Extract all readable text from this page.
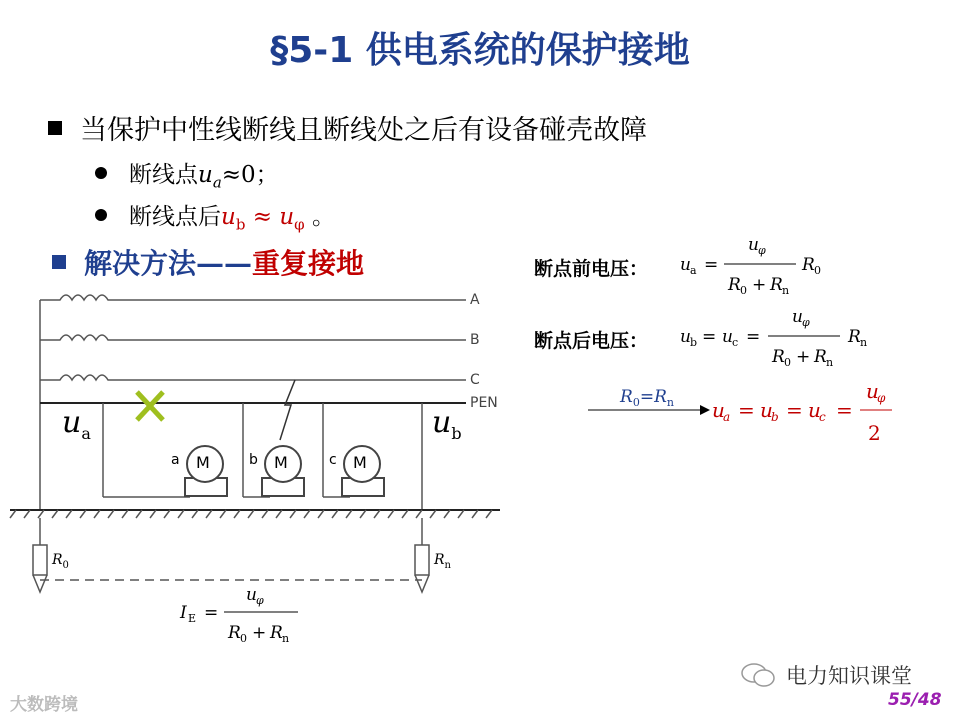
§5-1 供电系统的保护接地
当保护中性线断线且断线处之后有设备碰壳故障
断线点$u_a\approx 0$；
断线点后$u_b \approx u_\varphi$ 。
解决方法——重复接地	断点前电压：
断点后电压：
u a =
u φ
R 0 + R n
R 0
u b = u c =
u φ
R 0 + R n
R n
$R_0=R_n$ u
a = u
b = u
c =
u
φ
2
A
B
C
PEN
$u_a$	$u_b$
a	b	c
M	M	M
$R_0$	$R_n$
I E =
u φ
R 0 + R n
电力知识课堂
55/48
大数跨境
